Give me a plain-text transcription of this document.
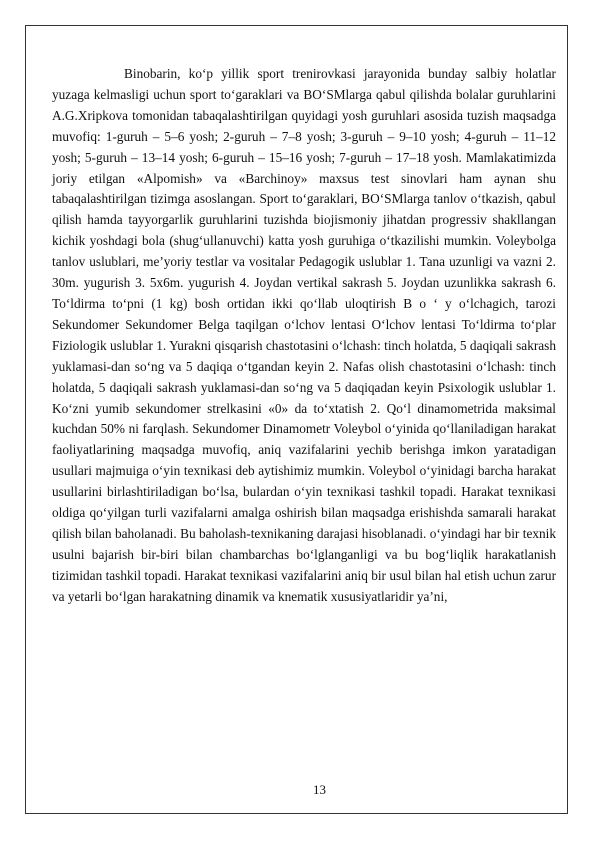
Binobarin, ko‘p yillik sport trenirovkasi jarayonida bunday salbiy holatlar yuzaga kelmasligi uchun sport to‘garaklari va BO‘SMlarga qabul qilishda bolalar guruhlarini A.G.Xripkova tomonidan tabaqalashtirilgan quyidagi yosh guruhlari asosida tuzish maqsadga muvofiq: 1-guruh – 5–6 yosh; 2-guruh – 7–8 yosh; 3-guruh – 9–10 yosh; 4-guruh – 11–12 yosh; 5-guruh – 13–14 yosh; 6-guruh – 15–16 yosh; 7-guruh – 17–18 yosh. Mamlakatimizda joriy etilgan «Alpomish» va «Barchinoy» maxsus test sinovlari ham aynan shu tabaqalashtirilgan tizimga asoslangan. Sport to‘garaklari, BO‘SMlarga tanlov o‘tkazish, qabul qilish hamda tayyorgarlik guruhlarini tuzishda biojismoniy jihatdan progressiv shakllangan kichik yoshdagi bola (shug‘ullanuvchi) katta yosh guruhiga o‘tkazilishi mumkin. Voleybolga tanlov uslublari, me’yoriy testlar va vositalar Pedagogik uslublar 1. Tana uzunligi va vazni 2. 30m. yugurish 3. 5x6m. yugurish 4. Joydan vertikal sakrash 5. Joydan uzunlikka sakrash 6. To‘ldirma to‘pni (1 kg) bosh ortidan ikki qo‘llab uloqtirish B o ‘ y o‘lchagich, tarozi Sekundomer Sekundomer Belga taqilgan o‘lchov lentasi O‘lchov lentasi To‘ldirma to‘plar Fiziologik uslublar 1. Yurakni qisqarish chastotasini o‘lchash: tinch holatda, 5 daqiqali sakrash yuklamasi-dan so‘ng va 5 daqiqa o‘tgandan keyin 2. Nafas olish chastotasini o‘lchash: tinch holatda, 5 daqiqali sakrash yuklamasi-dan so‘ng va 5 daqiqadan keyin Psixologik uslublar 1. Ko‘zni yumib sekundomer strelkasini «0» da to‘xtatish 2. Qo‘l dinamometrida maksimal kuchdan 50% ni farqlash. Sekundomer Dinamometr Voleybol o‘yinida qo‘llaniladigan harakat faoliyatlarining maqsadga muvofiq, aniq vazifalarini yechib berishga imkon yaratadigan usullari majmuiga o‘yin texnikasi deb aytishimiz mumkin. Voleybol o‘yinidagi barcha harakat usullarini birlashtiriladigan bo‘lsa, bulardan o‘yin texnikasi tashkil topadi. Harakat texnikasi oldiga qo‘yilgan turli vazifalarni amalga oshirish bilan maqsadga erishishda samarali harakat qilish bilan baholanadi. Bu baholash-texnikaning darajasi hisoblanadi. o‘yindagi har bir texnik usulni bajarish bir-biri bilan chambarchas bo‘lglanganligi va bu bog‘liqlik harakatlanish tizimidan tashkil topadi. Harakat texnikasi vazifalarini aniq bir usul bilan hal etish uchun zarur va yetarli bo‘lgan harakatning dinamik va knematik xususiyatlaridir ya’ni,

13
